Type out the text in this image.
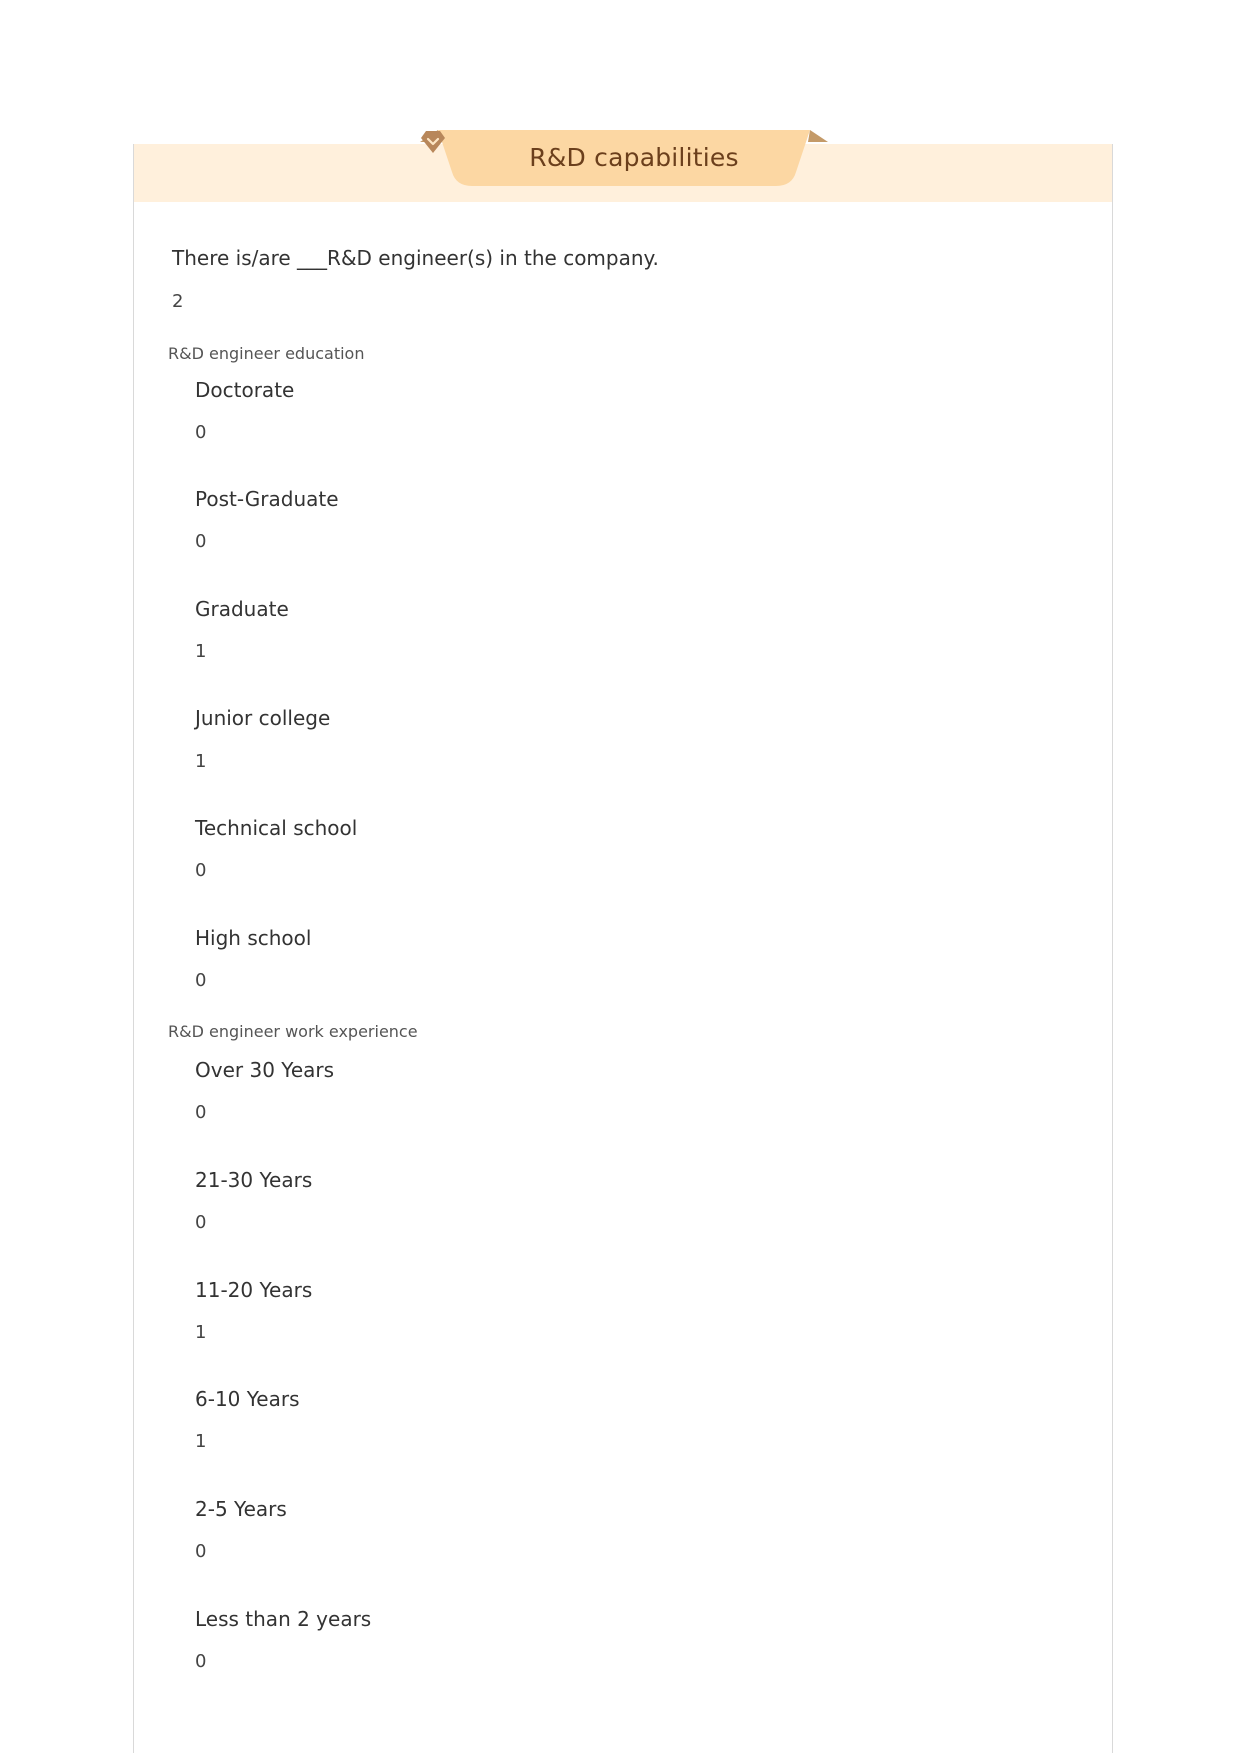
R&D capabilities
There is/are ___R&D engineer(s) in the company.
2
R&D engineer education
Doctorate
0
Post-Graduate
0
Graduate
1
Junior college
1
Technical school
0
High school
0
R&D engineer work experience
Over 30 Years
0
21-30 Years
0
11-20 Years
1
6-10 Years
1
2-5 Years
0
Less than 2 years
0
